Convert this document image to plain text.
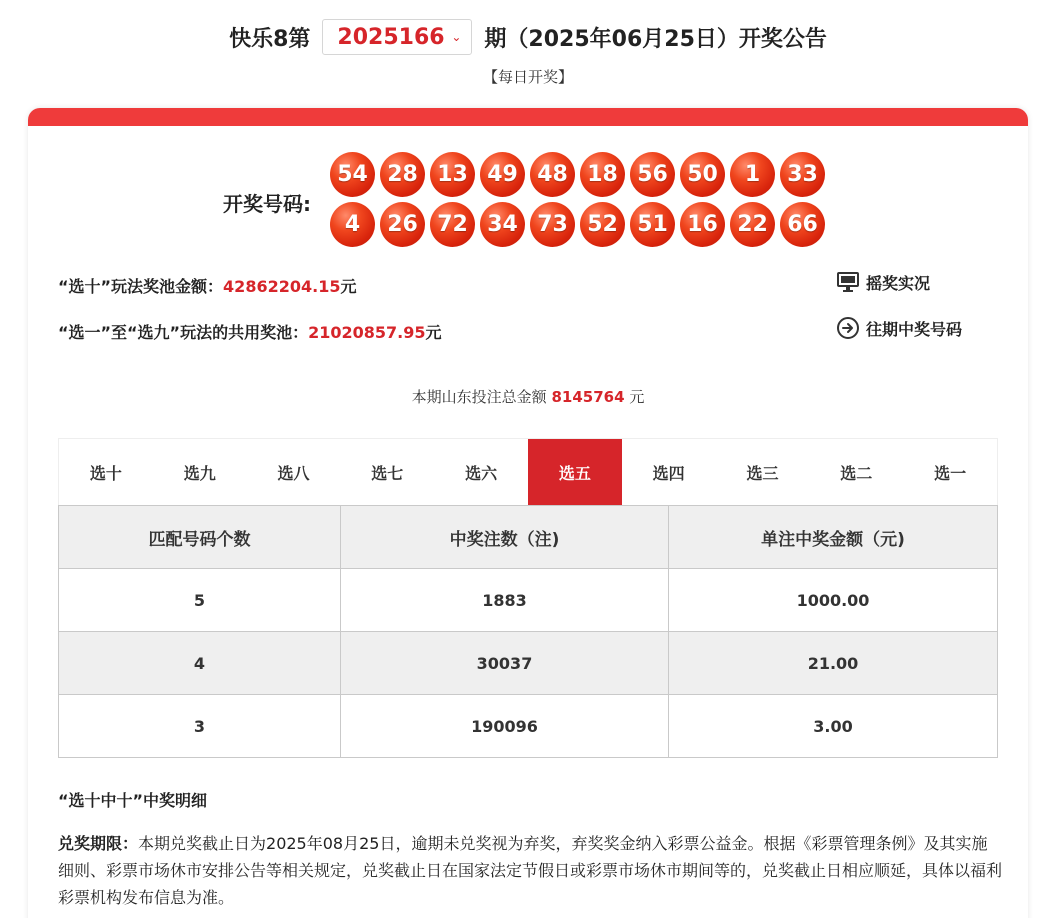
快乐8第 2025166 ⌄ 期（2025年06月25日）开奖公告
【每日开奖】
开奖号码:
54 28 13 49 48 18 56 50	1	33
4	26 72 34 73 52 51 16 22 66
“选十”玩法奖池金额：42862204.15元
“选一”至“选九”玩法的共用奖池：21020857.95元
摇奖实况
往期中奖号码
本期山东投注总金额 8145764 元
选十	选九	选八	选七	选六	选五	选四	选三	选二	选一
匹配号码个数	中奖注数（注)	单注中奖金额（元)
5	1883	1000.00
4	30037	21.00
3	190096	3.00
“选十中十”中奖明细
兑奖期限：本期兑奖截止日为2025年08月25日，逾期未兑奖视为弃奖，弃奖奖金纳入彩票公益金。根据《彩票管理条例》及其实施细则、彩票市场休市安排公告等相关规定，兑奖截止日在国家法定节假日或彩票市场休市期间等的，兑奖截止日相应顺延，具体以福利彩票机构发布信息为准。
